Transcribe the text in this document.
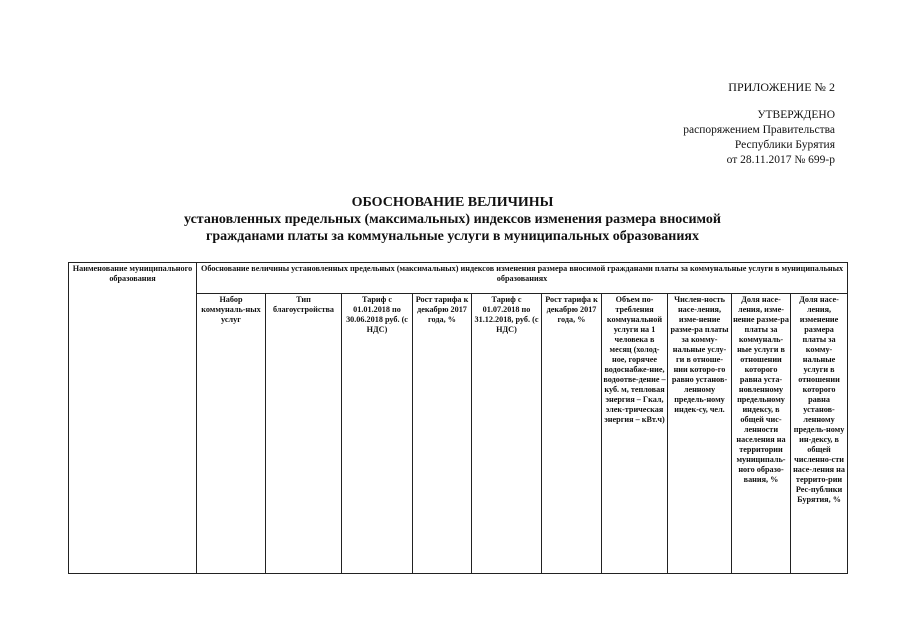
ПРИЛОЖЕНИЕ № 2
УТВЕРЖДЕНО
распоряжением Правительства
Республики Бурятия
от 28.11.2017 № 699-р
ОБОСНОВАНИЕ ВЕЛИЧИНЫ
установленных предельных (максимальных) индексов изменения размера вносимой
гражданами платы за коммунальные услуги в муниципальных образованиях
Наименование муниципального образования	Обоснование величины установленных предельных (максимальных) индексов изменения размера вносимой гражданами платы за коммунальные услуги в муниципальных образованиях									
	Набор коммуналь-ных услуг	Тип благоустройства	Тариф с 01.01.2018 по 30.06.2018 руб. (с НДС)	Рост тарифа к декабрю 2017 года, %	Тариф с 01.07.2018 по 31.12.2018, руб. (с НДС)	Рост тарифа к декабрю 2017 года, %	Объем по-требления коммунальной услуги на 1 человека в месяц (холод-ное, горячее водоснабже-ние, водоотве-дение – куб. м, тепловая энергия – Гкал, элек-трическая энергия – кВт.ч)	Числен-ность насе-ления, изме-нение разме-ра платы за комму-нальные услу-ги в отноше-нии которо-го равно установ-ленному предель-ному индек-су, чел.	Доля насе-ления, изме-нение разме-ра платы за коммуналь-ные услуги в отношении которого равна уста-новленному предельному индексу, в общей чис-ленности населения на территории муниципаль-ного образо-вания, %	Доля насе-ления, изменение размера платы за комму-нальные услуги в отношении которого равна установ-ленному предель-ному ин-дексу, в общей численно-сти насе-ления на террито-рии Рес-публики Бурятия, %
